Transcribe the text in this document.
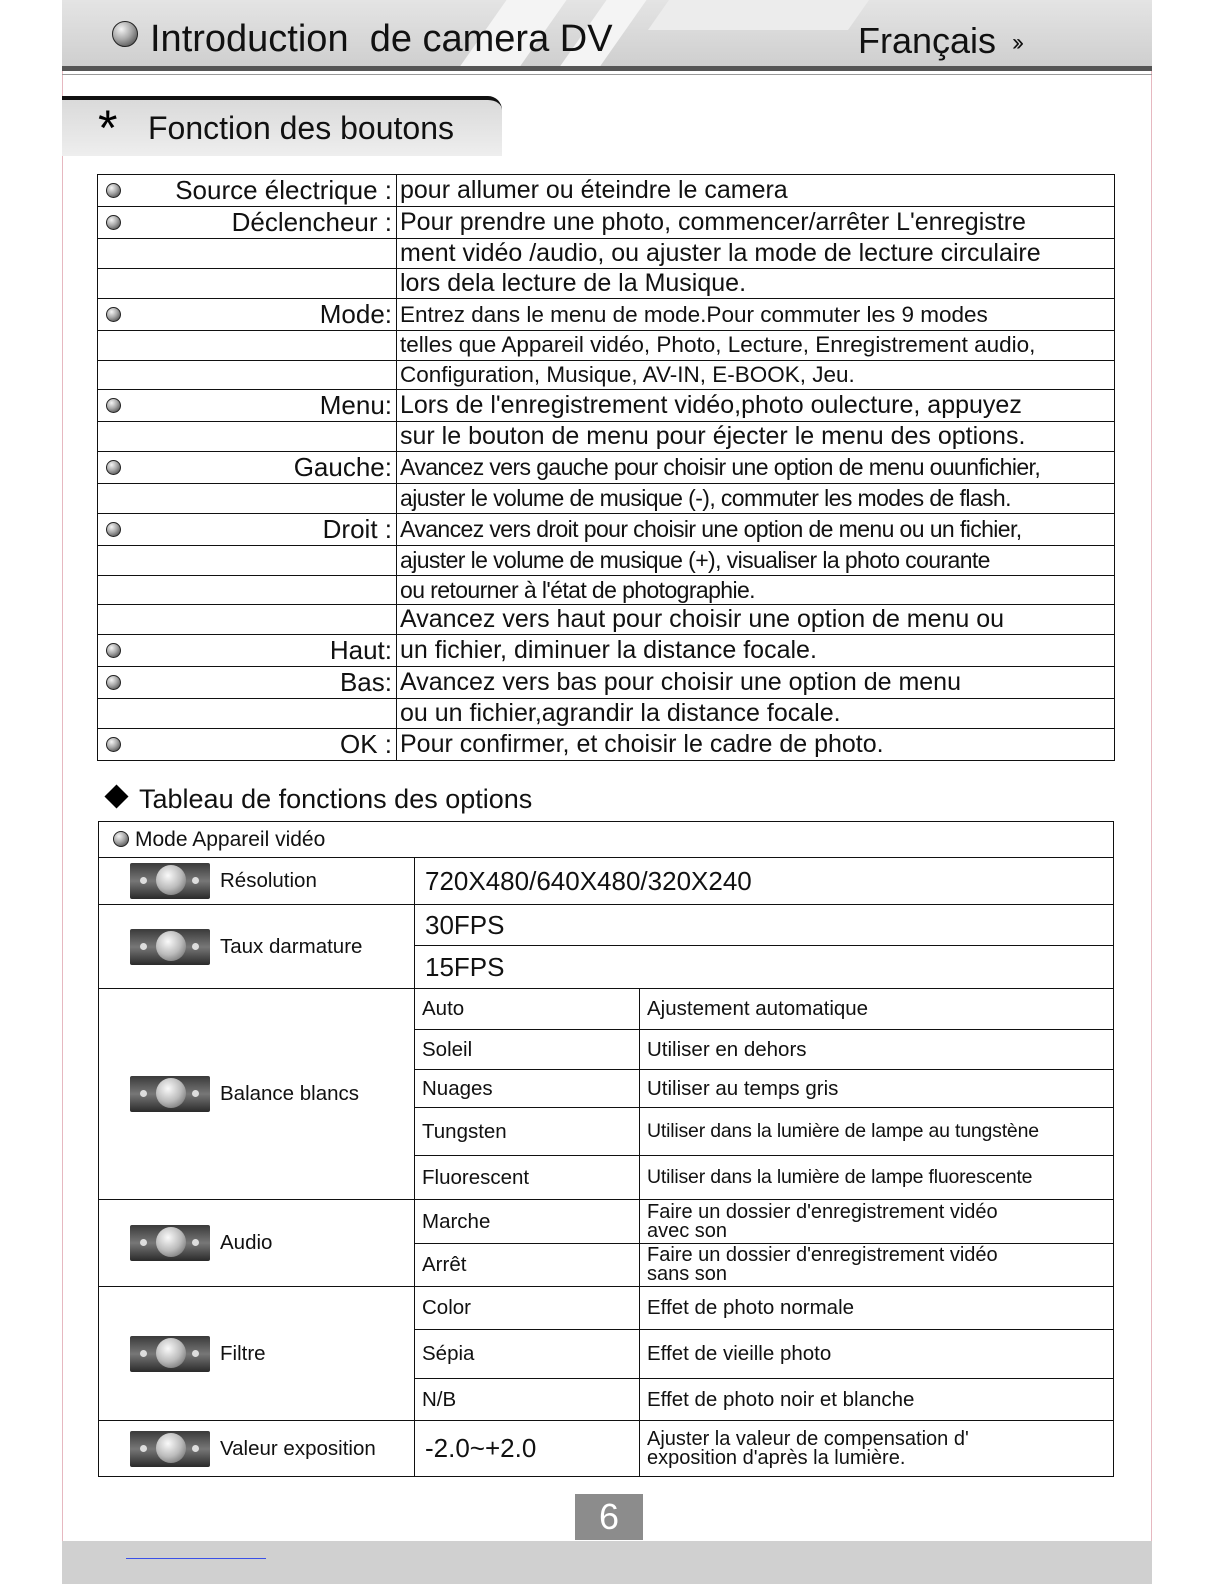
Introduction  de camera DV	Français ››
* Fonction des boutons
Source électrique :	pour allumer ou éteindre le camera

Déclencheur :	Pour prendre une photo, commencer/arrêter L'enregistre
	ment vidéo /audio, ou ajuster la mode de lecture circulaire
	lors dela lecture de la Musique.

Mode:	Entrez dans le menu de mode.Pour commuter les 9 modes
	telles que Appareil vidéo, Photo, Lecture, Enregistrement audio,
	Configuration, Musique, AV-IN, E-BOOK, Jeu.

Menu:	Lors de l'enregistrement vidéo,photo oulecture, appuyez
	sur le bouton de menu pour éjecter le menu des options.

Gauche:	Avancez vers gauche pour choisir une option de menu ouunfichier,
	ajuster le volume de musique (-), commuter les modes de flash.

Droit :	Avancez vers droit pour choisir une option de menu ou un fichier,
	ajuster le volume de musique (+), visualiser la photo courante
	ou retourner à l'état de photographie.
	Avancez vers haut pour choisir une option de menu ou

Haut:	un fichier, diminuer la distance focale.

Bas:	Avancez vers bas pour choisir une option de menu
	ou un fichier,agrandir la distance focale.

OK :	Pour confirmer, et choisir le cadre de photo.
Tableau de fonctions des options
Mode Appareil vidéo		

Résolution	720X480/640X480/320X240	

Taux darmature	30FPS	
	15FPS	

Balance blancs	Auto	Ajustement automatique
	Soleil	Utiliser en dehors
	Nuages	Utiliser au temps gris
	Tungsten	Utiliser dans la lumière de lampe au tungstène
	Fluorescent	Utiliser dans la lumière de lampe fluorescente

Audio	Marche	Faire un dossier d'enregistrement vidéo
avec son
	Arrêt	Faire un dossier d'enregistrement vidéo
sans son

Filtre	Color	Effet de photo normale
	Sépia	Effet de vieille photo
	N/B	Effet de photo noir et blanche

Valeur exposition	-2.0~+2.0	Ajuster la valeur de compensation d'
exposition d'après la lumière.
6
